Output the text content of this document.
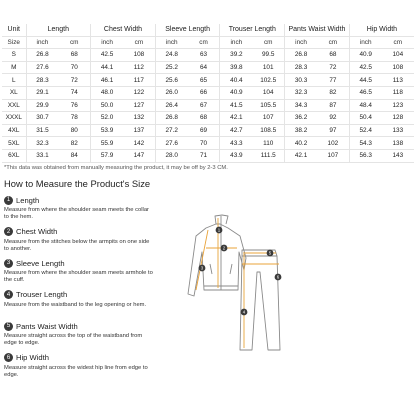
Unit	Length		Chest Width		Sleeve Length		Trouser Length		Pants Waist Width		Hip Width	
Size	inch	cm	inch	cm	inch	cm	inch	cm	inch	cm	inch	cm
S	26.8	68	42.5	108	24.8	63	39.2	99.5	26.8	68	40.9	104
M	27.6	70	44.1	112	25.2	64	39.8	101	28.3	72	42.5	108
L	28.3	72	46.1	117	25.6	65	40.4	102.5	30.3	77	44.5	113
XL	29.1	74	48.0	122	26.0	66	40.9	104	32.3	82	46.5	118
XXL	29.9	76	50.0	127	26.4	67	41.5	105.5	34.3	87	48.4	123
XXXL	30.7	78	52.0	132	26.8	68	42.1	107	36.2	92	50.4	128
4XL	31.5	80	53.9	137	27.2	69	42.7	108.5	38.2	97	52.4	133
5XL	32.3	82	55.9	142	27.6	70	43.3	110	40.2	102	54.3	138
6XL	33.1	84	57.9	147	28.0	71	43.9	111.5	42.1	107	56.3	143
*This data was obtained from manually measuring the product, it may be off by 2-3 CM.
How to Measure the Product's Size
1 Length
Measure from where the shoulder seam meets the collar to the hem.
2 Chest Width
Measure from the stitches below the armpits on one side to another.
3 Sleeve Length
Measure from where the shoulder seam meets armhole to the cuff.
4 Trouser Length
Measure from the waistband to the leg opening or hem.
5 Pants Waist Width
Measure straight across the top of the waistband from edge to edge.
6 Hip Width
Measure straight across the widest hip line from edge to edge.
1
2
3
4
5
6
